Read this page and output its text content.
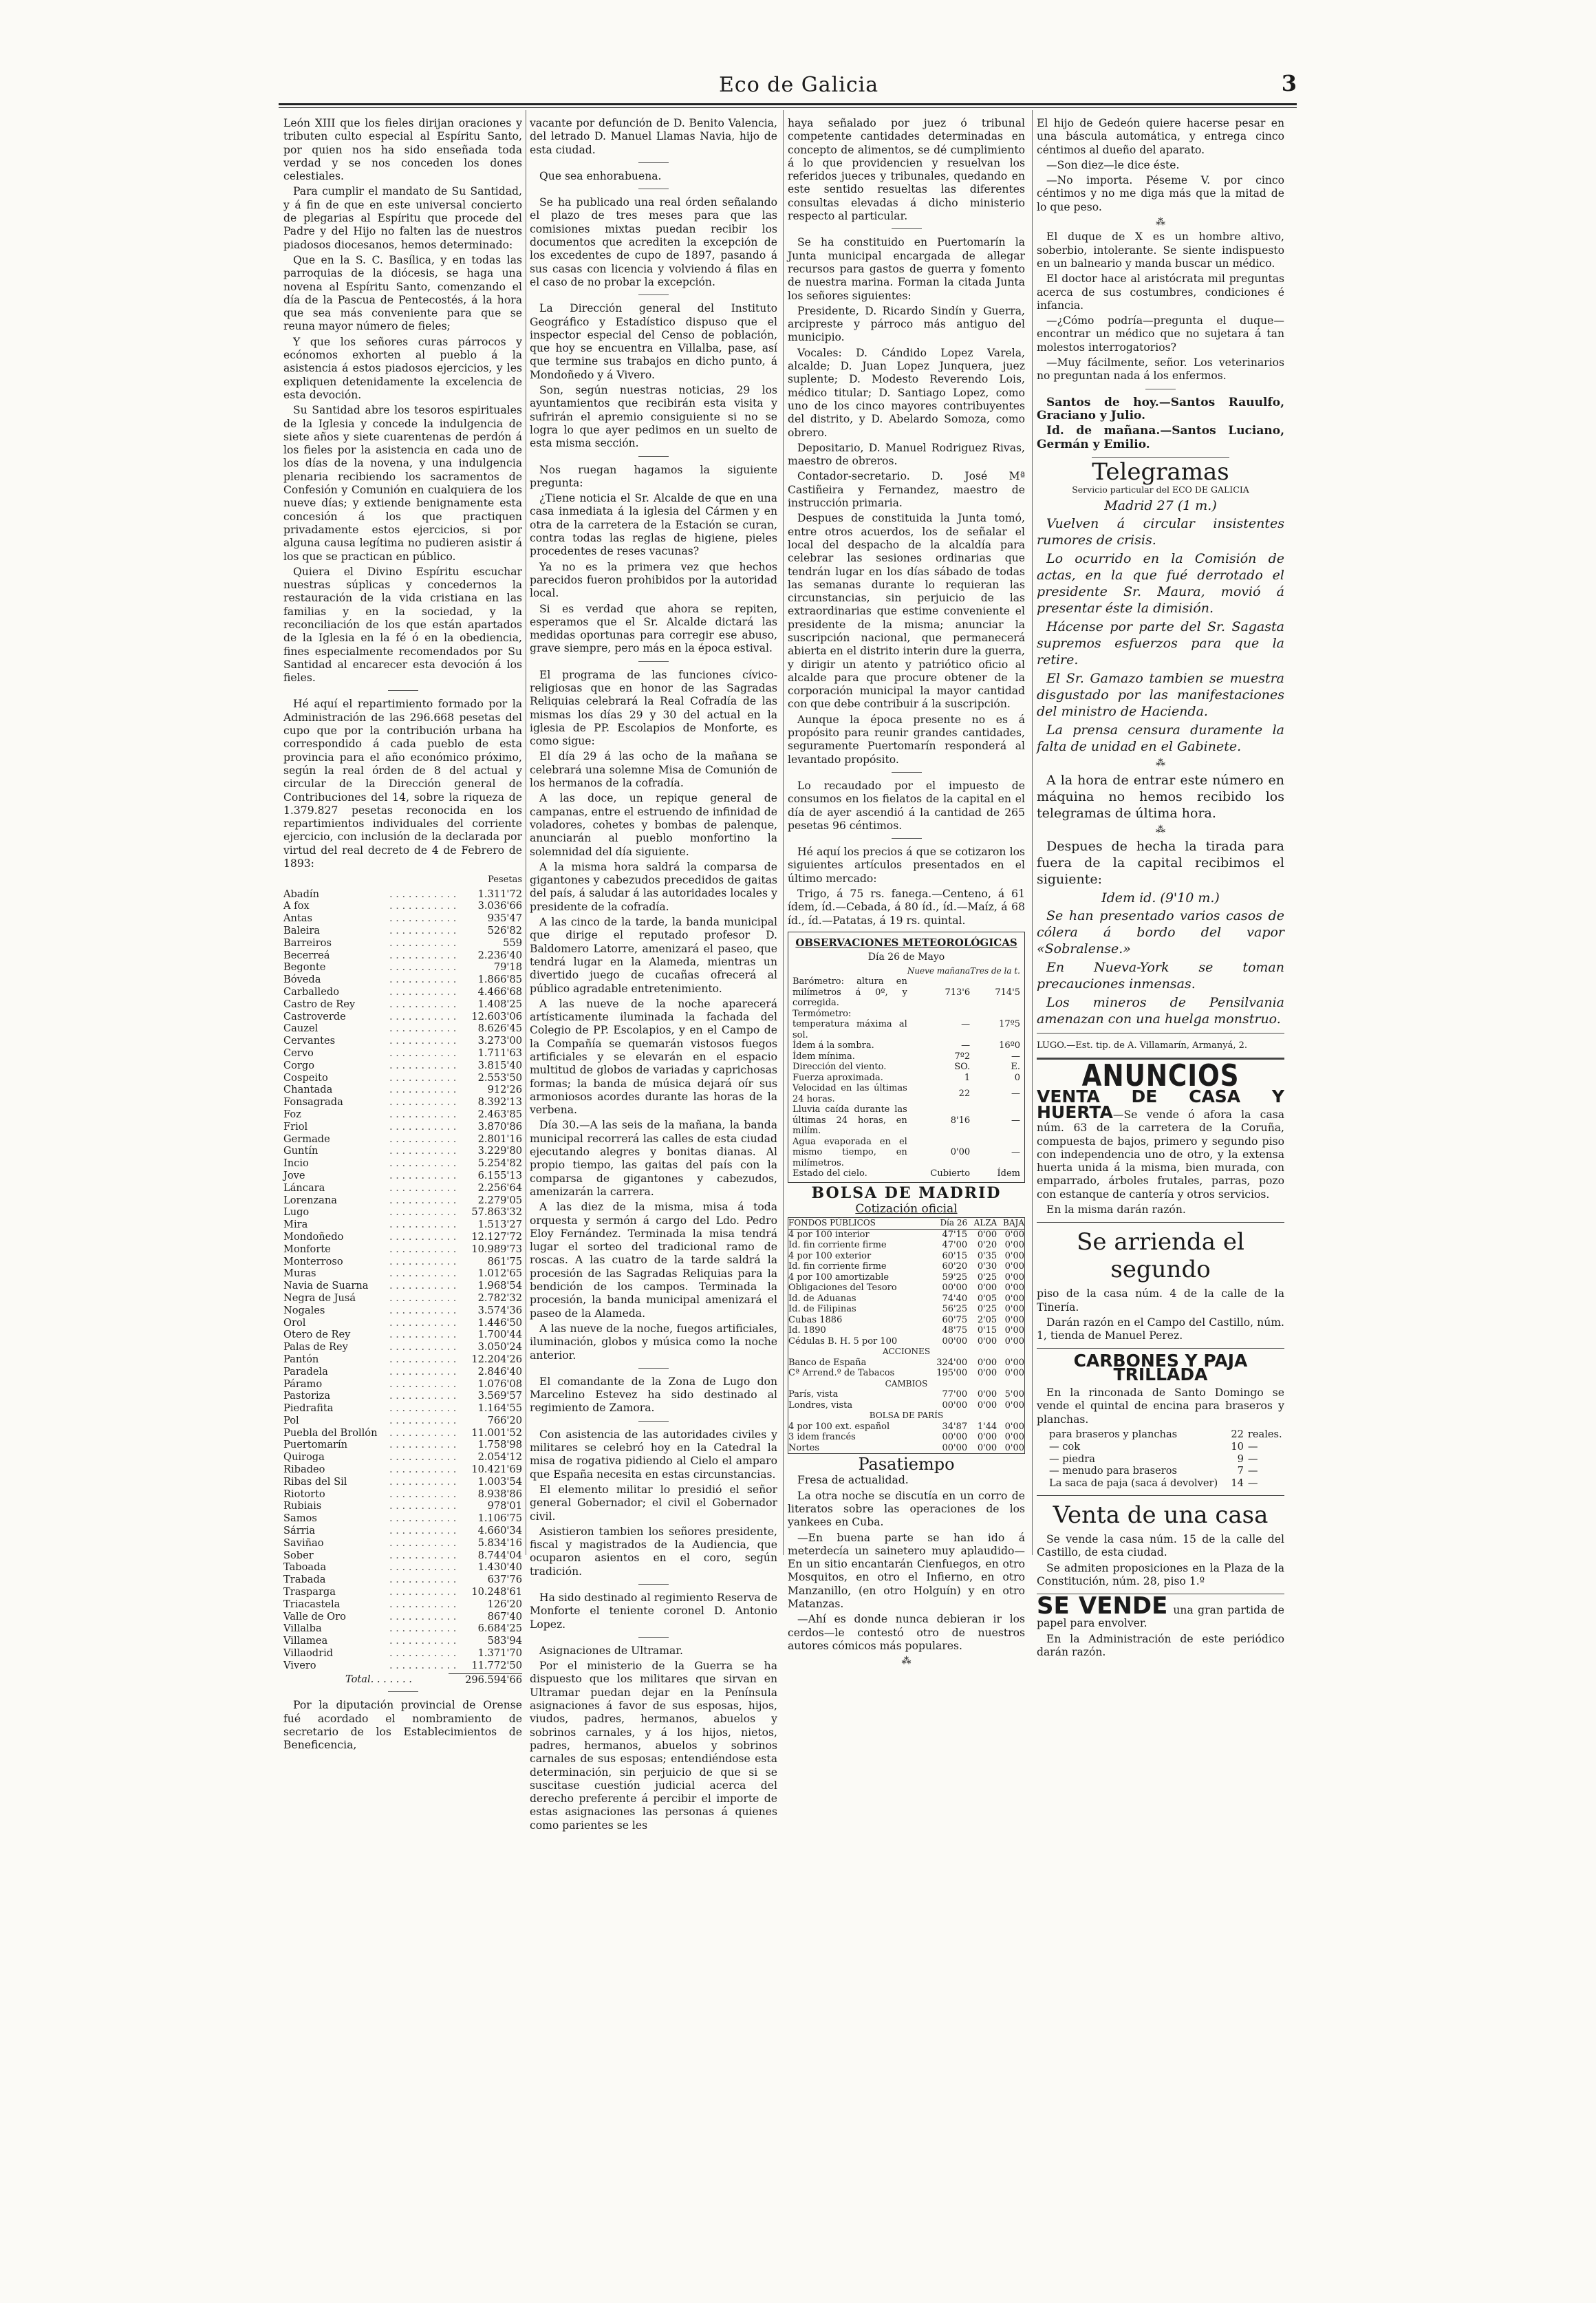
Eco de Galicia	3

León XIII que los fieles dirijan oraciones y tributen culto especial al Espíritu Santo, por quien nos ha sido enseñada toda verdad y se nos conceden los dones celestiales.

Para cumplir el mandato de Su Santidad, y á fin de que en este universal concierto de plegarias al Espíritu que procede del Padre y del Hijo no falten las de nuestros piadosos diocesanos, hemos determinado:

Que en la S. C. Basílica, y en todas las parroquias de la diócesis, se haga una novena al Espíritu Santo, comenzando el día de la Pascua de Pentecostés, á la hora que sea más conveniente para que se reuna mayor número de fieles;

Y que los señores curas párrocos y ecónomos exhorten al pueblo á la asistencia á estos piadosos ejercicios, y les expliquen detenidamente la excelencia de esta devoción.

Su Santidad abre los tesoros espirituales de la Iglesia y concede la indulgencia de siete años y siete cuarentenas de perdón á los fieles por la asistencia en cada uno de los días de la novena, y una indulgencia plenaria recibiendo los sacramentos de Confesión y Comunión en cualquiera de los nueve días; y extiende benignamente esta concesión á los que practiquen privadamente estos ejercicios, si por alguna causa legítima no pudieren asistir á los que se practican en público.

Quiera el Divino Espíritu escuchar nuestras súplicas y concedernos la restauración de la vida cristiana en las familias y en la sociedad, y la reconciliación de los que están apartados de la Iglesia en la fé ó en la obediencia, fines especialmente recomendados por Su Santidad al encarecer esta devoción á los fieles.

Hé aquí el repartimiento formado por la Administración de las 296.668 pesetas del cupo que por la contribución urbana ha correspondido á cada pueblo de esta provincia para el año económico próximo, según la real órden de 8 del actual y circular de la Dirección general de Contribuciones del 14, sobre la riqueza de 1.379.827 pesetas reconocida en los repartimientos individuales del corriente ejercicio, con inclusión de la declarada por virtud del real decreto de 4 de Febrero de 1893:

Pesetas
Abadín	. . . . . . . . . . .	1.311'72
A fox	. . . . . . . . . . .	3.036'66
Antas	. . . . . . . . . . .	935'47
Baleira	. . . . . . . . . . .	526'82
Barreiros	. . . . . . . . . . .	559
Becerreá	. . . . . . . . . . .	2.236'40
Begonte	. . . . . . . . . . .	79'18
Bóveda	. . . . . . . . . . .	1.866'85
Carballedo	. . . . . . . . . . .	4.466'68
Castro de Rey	. . . . . . . . . . .	1.408'25
Castroverde	. . . . . . . . . . .	12.603'06
Cauzel	. . . . . . . . . . .	8.626'45
Cervantes	. . . . . . . . . . .	3.273'00
Cervo	. . . . . . . . . . .	1.711'63
Corgo	. . . . . . . . . . .	3.815'40
Cospeito	. . . . . . . . . . .	2.553'50
Chantada	. . . . . . . . . . .	912'26
Fonsagrada	. . . . . . . . . . .	8.392'13
Foz	. . . . . . . . . . .	2.463'85
Friol	. . . . . . . . . . .	3.870'86
Germade	. . . . . . . . . . .	2.801'16
Guntín	. . . . . . . . . . .	3.229'80
Incio	. . . . . . . . . . .	5.254'82
Jove	. . . . . . . . . . .	6.155'13
Láncara	. . . . . . . . . . .	2.256'64
Lorenzana	. . . . . . . . . . .	2.279'05
Lugo	. . . . . . . . . . .	57.863'32
Mira	. . . . . . . . . . .	1.513'27
Mondoñedo	. . . . . . . . . . .	12.127'72
Monforte	. . . . . . . . . . .	10.989'73
Monterroso	. . . . . . . . . . .	861'75
Muras	. . . . . . . . . . .	1.012'65
Navia de Suarna	. . . . . . . . . . .	1.968'54
Negra de Jusá	. . . . . . . . . . .	2.782'32
Nogales	. . . . . . . . . . .	3.574'36
Orol	. . . . . . . . . . .	1.446'50
Otero de Rey	. . . . . . . . . . .	1.700'44
Palas de Rey	. . . . . . . . . . .	3.050'24
Pantón	. . . . . . . . . . .	12.204'26
Paradela	. . . . . . . . . . .	2.846'40
Páramo	. . . . . . . . . . .	1.076'08
Pastoriza	. . . . . . . . . . .	3.569'57
Piedrafita	. . . . . . . . . . .	1.164'55
Pol	. . . . . . . . . . .	766'20
Puebla del Brollón	. . . . . . . . . . .	11.001'52
Puertomarín	. . . . . . . . . . .	1.758'98
Quiroga	. . . . . . . . . . .	2.054'12
Ribadeo	. . . . . . . . . . .	10.421'69
Ribas del Sil	. . . . . . . . . . .	1.003'54
Riotorto	. . . . . . . . . . .	8.938'86
Rubiais	. . . . . . . . . . .	978'01
Samos	. . . . . . . . . . .	1.106'75
Sárria	. . . . . . . . . . .	4.660'34
Saviñao	. . . . . . . . . . .	5.834'16
Sober	. . . . . . . . . . .	8.744'04
Taboada	. . . . . . . . . . .	1.430'40
Trabada	. . . . . . . . . . .	637'76
Trasparga	. . . . . . . . . . .	10.248'61
Triacastela	. . . . . . . . . . .	126'20
Valle de Oro	. . . . . . . . . . .	867'40
Villalba	. . . . . . . . . . .	6.684'25
Villamea	. . . . . . . . . . .	583'94
Villaodrid	. . . . . . . . . . .	1.371'70
Vivero	. . . . . . . . . . .	11.772'50
Total. . . . . . .	296.594'66

Por la diputación provincial de Orense fué acordado el nombramiento de secretario de los Establecimientos de Beneficencia,

vacante por defunción de D. Benito Valencia, del letrado D. Manuel Llamas Navia, hijo de esta ciudad.

Que sea enhorabuena.

Se ha publicado una real órden señalando el plazo de tres meses para que las comisiones mixtas puedan recibir los documentos que acrediten la excepción de los excedentes de cupo de 1897, pasando á sus casas con licencia y volviendo á filas en el caso de no probar la excepción.

La Dirección general del Instituto Geográfico y Estadístico dispuso que el inspector especial del Censo de población, que hoy se encuentra en Villalba, pase, así que termine sus trabajos en dicho punto, á Mondoñedo y á Vivero.

Son, según nuestras noticias, 29 los ayuntamientos que recibirán esta visita y sufrirán el apremio consiguiente si no se logra lo que ayer pedimos en un suelto de esta misma sección.

Nos ruegan hagamos la siguiente pregunta:

¿Tiene noticia el Sr. Alcalde de que en una casa inmediata á la iglesia del Cármen y en otra de la carretera de la Estación se curan, contra todas las reglas de higiene, pieles procedentes de reses vacunas?

Ya no es la primera vez que hechos parecidos fueron prohibidos por la autoridad local.

Si es verdad que ahora se repiten, esperamos que el Sr. Alcalde dictará las medidas oportunas para corregir ese abuso, grave siempre, pero más en la época estival.

El programa de las funciones cívico-religiosas que en honor de las Sagradas Reliquias celebrará la Real Cofradía de las mismas los días 29 y 30 del actual en la iglesia de PP. Escolapios de Monforte, es como sigue:

El día 29 á las ocho de la mañana se celebrará una solemne Misa de Comunión de los hermanos de la cofradía.

A las doce, un repique general de campanas, entre el estruendo de infinidad de voladores, cohetes y bombas de palenque, anunciarán al pueblo monfortino la solemnidad del día siguiente.

A la misma hora saldrá la comparsa de gigantones y cabezudos precedidos de gaitas del país, á saludar á las autoridades locales y presidente de la cofradía.

A las cinco de la tarde, la banda municipal que dirige el reputado profesor D. Baldomero Latorre, amenizará el paseo, que tendrá lugar en la Alameda, mientras un divertido juego de cucañas ofrecerá al público agradable entretenimiento.

A las nueve de la noche aparecerá artísticamente iluminada la fachada del Colegio de PP. Escolapios, y en el Campo de la Compañía se quemarán vistosos fuegos artificiales y se elevarán en el espacio multitud de globos de variadas y caprichosas formas; la banda de música dejará oír sus armoniosos acordes durante las horas de la verbena.

Día 30.—A las seis de la mañana, la banda municipal recorrerá las calles de esta ciudad ejecutando alegres y bonitas dianas. Al propio tiempo, las gaitas del país con la comparsa de gigantones y cabezudos, amenizarán la carrera.

A las diez de la misma, misa á toda orquesta y sermón á cargo del Ldo. Pedro Eloy Fernández. Terminada la misa tendrá lugar el sorteo del tradicional ramo de roscas. A las cuatro de la tarde saldrá la procesión de las Sagradas Reliquias para la bendición de los campos. Terminada la procesión, la banda municipal amenizará el paseo de la Alameda.

A las nueve de la noche, fuegos artificiales, iluminación, globos y música como la noche anterior.

El comandante de la Zona de Lugo don Marcelino Estevez ha sido destinado al regimiento de Zamora.

Con asistencia de las autoridades civiles y militares se celebró hoy en la Catedral la misa de rogativa pidiendo al Cielo el amparo que España necesita en estas circunstancias.

El elemento militar lo presidió el señor general Gobernador; el civil el Gobernador civil.

Asistieron tambien los señores presidente, fiscal y magistrados de la Audiencia, que ocuparon asientos en el coro, según tradición.

Ha sido destinado al regimiento Reserva de Monforte el teniente coronel D. Antonio Lopez.

Asignaciones de Ultramar.

Por el ministerio de la Guerra se ha dispuesto que los militares que sirvan en Ultramar puedan dejar en la Península asignaciones á favor de sus esposas, hijos, viudos, padres, hermanos, abuelos y sobrinos carnales, y á los hijos, nietos, padres, hermanos, abuelos y sobrinos carnales de sus esposas; entendiéndose esta determinación, sin perjuicio de que si se suscitase cuestión judicial acerca del derecho preferente á percibir el importe de estas asignaciones las personas á quienes como parientes se les

haya señalado por juez ó tribunal competente cantidades determinadas en concepto de alimentos, se dé cumplimiento á lo que providencien y resuelvan los referidos jueces y tribunales, quedando en este sentido resueltas las diferentes consultas elevadas á dicho ministerio respecto al particular.

Se ha constituido en Puertomarín la Junta municipal encargada de allegar recursos para gastos de guerra y fomento de nuestra marina. Forman la citada Junta los señores siguientes:

Presidente, D. Ricardo Sindín y Guerra, arcipreste y párroco más antiguo del municipio.

Vocales: D. Cándido Lopez Varela, alcalde; D. Juan Lopez Junquera, juez suplente; D. Modesto Reverendo Lois, médico titular; D. Santiago Lopez, como uno de los cinco mayores contribuyentes del distrito, y D. Abelardo Somoza, como obrero.

Depositario, D. Manuel Rodriguez Rivas, maestro de obreros.

Contador-secretario. D. José Mª Castiñeira y Fernandez, maestro de instrucción primaria.

Despues de constituida la Junta tomó, entre otros acuerdos, los de señalar el local del despacho de la alcaldía para celebrar las sesiones ordinarias que tendrán lugar en los días sábado de todas las semanas durante lo requieran las circunstancias, sin perjuicio de las extraordinarias que estime conveniente el presidente de la misma; anunciar la suscripción nacional, que permanecerá abierta en el distrito interin dure la guerra, y dirigir un atento y patriótico oficio al alcalde para que procure obtener de la corporación municipal la mayor cantidad con que debe contribuir á la suscripción.

Aunque la época presente no es á propósito para reunir grandes cantidades, seguramente Puertomarín responderá al levantado propósito.

Lo recaudado por el impuesto de consumos en los fielatos de la capital en el día de ayer ascendió á la cantidad de 265 pesetas 96 céntimos.

Hé aquí los precios á que se cotizaron los siguientes artículos presentados en el último mercado:

Trigo, á 75 rs. fanega.—Centeno, á 61 ídem, íd.—Cebada, á 80 íd., íd.—Maíz, á 68 íd., íd.—Patatas, á 19 rs. quintal.

OBSERVACIONES METEOROLÓGICAS
Día 26 de Mayo
	Nueve mañana	Tres de la t.
Barómetro: altura en milímetros á 0º, y corregida.	713'6	714'5
Termómetro: temperatura máxima al sol.	—	17º5
Ídem á la sombra.	—	16º0
Ídem mínima.	7º2	—
Dirección del viento.	SO.	E.
Fuerza aproximada.	1	0
Velocidad en las últimas 24 horas.	22	—
Lluvia caída durante las últimas 24 horas, en milím.	8'16	—
Agua evaporada en el mismo tiempo, en milímetros.	0'00	—
Estado del cielo.	Cubierto	Ídem
BOLSA DE MADRID
Cotización oficial
FONDOS PÚBLICOS	Día 26	ALZA	BAJA
4 por 100 interior	47'15	0'00	0'00
Id. fin corriente firme	47'00	0'20	0'00
4 por 100 exterior	60'15	0'35	0'00
Id. fin corriente firme	60'20	0'30	0'00
4 por 100 amortizable	59'25	0'25	0'00
Obligaciones del Tesoro	00'00	0'00	0'00
Id. de Aduanas	74'40	0'05	0'00
Id. de Filipinas	56'25	0'25	0'00
Cubas 1886	60'75	2'05	0'00
Id. 1890	48'75	0'15	0'00
Cédulas B. H. 5 por 100	00'00	0'00	0'00
ACCIONES			
Banco de España	324'00	0'00	0'00
Cª Arrend.º de Tabacos	195'00	0'00	0'00
CAMBIOS			
París, vista	77'00	0'00	5'00
Londres, vista	00'00	0'00	0'00
BOLSA DE PARÍS			
4 por 100 ext. español	34'87	1'44	0'00
3 idem francés	00'00	0'00	0'00
Nortes	00'00	0'00	0'00
Pasatiempo

Fresa de actualidad.

La otra noche se discutía en un corro de literatos sobre las operaciones de los yankees en Cuba.

—En buena parte se han ido á meterdecía un sainetero muy aplaudido—En un sitio encantarán Cienfuegos, en otro Mosquitos, en otro el Infierno, en otro Manzanillo, (en otro Holguín) y en otro Matanzas.

—Ahí es donde nunca debieran ir los cerdos—le contestó otro de nuestros autores cómicos más populares.

⁂

El hijo de Gedeón quiere hacerse pesar en una báscula automática, y entrega cinco céntimos al dueño del aparato.

—Son diez—le dice éste.

—No importa. Péseme V. por cinco céntimos y no me diga más que la mitad de lo que peso.

⁂

El duque de X es un hombre altivo, soberbio, intolerante. Se siente indispuesto en un balneario y manda buscar un médico.

El doctor hace al aristócrata mil preguntas acerca de sus costumbres, condiciones é infancia.

—¿Cómo podría—pregunta el duque—encontrar un médico que no sujetara á tan molestos interrogatorios?

—Muy fácilmente, señor. Los veterinarios no preguntan nada á los enfermos.

Santos de hoy.—Santos Rauulfo, Graciano y Julio.

Id. de mañana.—Santos Luciano, Germán y Emilio.

Telegramas
Servicio particular del ECO DE GALICIA
Madrid 27 (1 m.)

Vuelven á circular insistentes rumores de crisis.

Lo ocurrido en la Comisión de actas, en la que fué derrotado el presidente Sr. Maura, movió á presentar éste la dimisión.

Hácense por parte del Sr. Sagasta supremos esfuerzos para que la retire.

El Sr. Gamazo tambien se muestra disgustado por las manifestaciones del ministro de Hacienda.

La prensa censura duramente la falta de unidad en el Gabinete.

⁂

A la hora de entrar este número en máquina no hemos recibido los telegramas de última hora.

⁂

Despues de hecha la tirada para fuera de la capital recibimos el siguiente:

Idem id. (9'10 m.)

Se han presentado varios casos de cólera á bordo del vapor «Sobralense.»

En Nueva-York se toman precauciones inmensas.

Los mineros de Pensilvania amenazan con una huelga monstruo.

LUGO.—Est. tip. de A. Villamarín, Armanyá, 2.

ANUNCIOS

VENTA DE CASA Y HUERTA—Se vende ó afora la casa núm. 63 de la carretera de la Coruña, compuesta de bajos, primero y segundo piso con independencia uno de otro, y la extensa huerta unida á la misma, bien murada, con emparrado, árboles frutales, parras, pozo con estanque de cantería y otros servicios.

En la misma darán razón.

Se arrienda el segundo

piso de la casa núm. 4 de la calle de la Tinería.

Darán razón en el Campo del Castillo, núm. 1, tienda de Manuel Perez.

CARBONES Y PAJA TRILLADA

En la rinconada de Santo Domingo se vende el quintal de encina para braseros y planchas.

para braseros y planchas	22	reales.
— cok	10	—
— piedra	9	—
— menudo para braseros	7	—
La saca de paja (saca á devolver)	14	—
Venta de una casa

Se vende la casa núm. 15 de la calle del Castillo, de esta ciudad.

Se admiten proposiciones en la Plaza de la Constitución, núm. 28, piso 1.º

SE VENDE una gran partida de papel para envolver.

En la Administración de este periódico darán razón.
